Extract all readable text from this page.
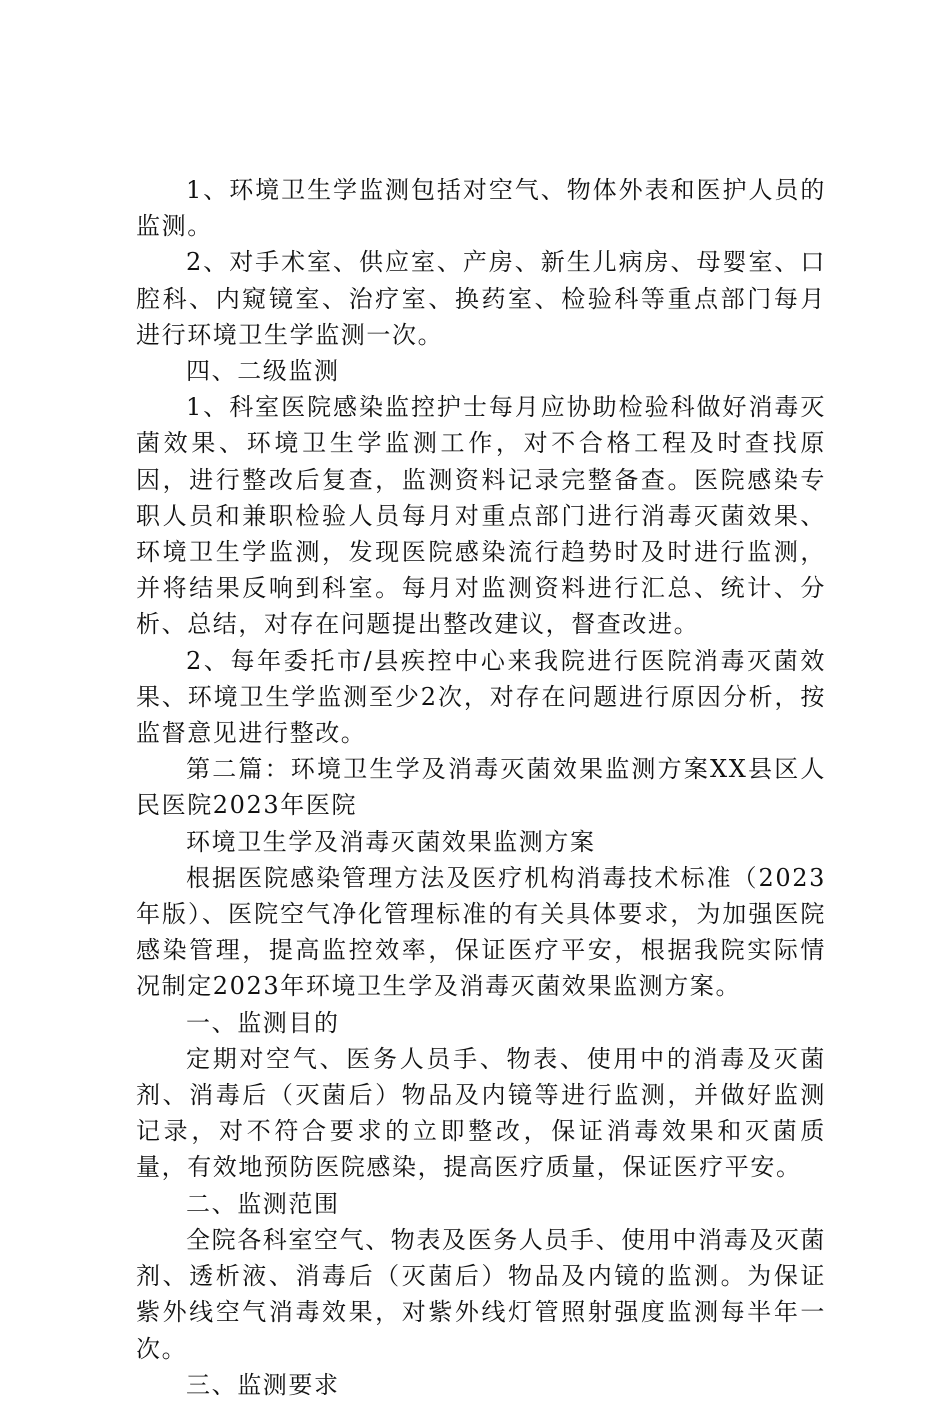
1、环境卫生学监测包括对空气、物体外表和医护人员的监测。

2、对手术室、供应室、产房、新生儿病房、母婴室、口腔科、内窥镜室、治疗室、换药室、检验科等重点部门每月进行环境卫生学监测一次。

四、二级监测

1、科室医院感染监控护士每月应协助检验科做好消毒灭菌效果、环境卫生学监测工作，对不合格工程及时查找原因，进行整改后复查，监测资料记录完整备查。医院感染专职人员和兼职检验人员每月对重点部门进行消毒灭菌效果、环境卫生学监测，发现医院感染流行趋势时及时进行监测，并将结果反响到科室。每月对监测资料进行汇总、统计、分析、总结，对存在问题提出整改建议，督查改进。

2、每年委托市/县疾控中心来我院进行医院消毒灭菌效果、环境卫生学监测至少2次，对存在问题进行原因分析，按监督意见进行整改。

第二篇：环境卫生学及消毒灭菌效果监测方案XX县区人民医院2023年医院

环境卫生学及消毒灭菌效果监测方案

根据医院感染管理方法及医疗机构消毒技术标准（2023年版）、医院空气净化管理标准的有关具体要求，为加强医院感染管理，提高监控效率，保证医疗平安，根据我院实际情况制定2023年环境卫生学及消毒灭菌效果监测方案。

一、监测目的

定期对空气、医务人员手、物表、使用中的消毒及灭菌剂、消毒后（灭菌后）物品及内镜等进行监测，并做好监测记录，对不符合要求的立即整改，保证消毒效果和灭菌质量，有效地预防医院感染，提高医疗质量，保证医疗平安。

二、监测范围

全院各科室空气、物表及医务人员手、使用中消毒及灭菌剂、透析液、消毒后（灭菌后）物品及内镜的监测。为保证紫外线空气消毒效果，对紫外线灯管照射强度监测每半年一次。

三、监测要求
